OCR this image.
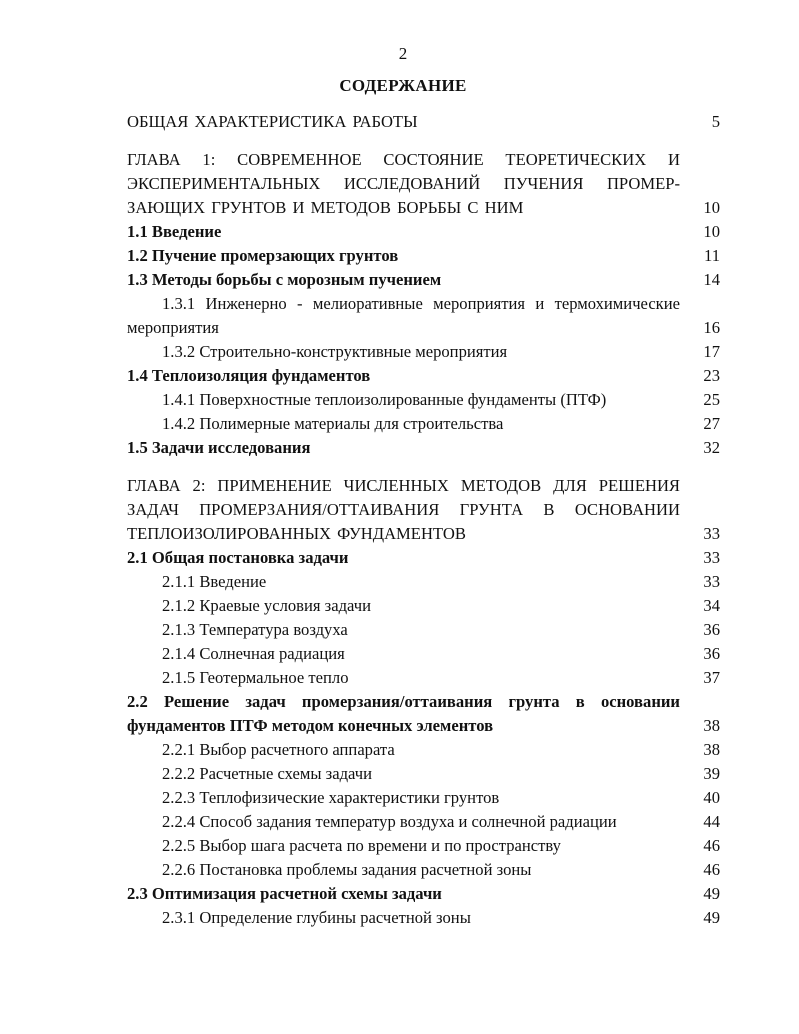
2
СОДЕРЖАНИЕ
ОБЩАЯ ХАРАКТЕРИСТИКА РАБОТЫ	5
ГЛАВА 1: СОВРЕМЕННОЕ СОСТОЯНИЕ ТЕОРЕТИЧЕСКИХ И ЭКСПЕРИМЕНТАЛЬНЫХ ИССЛЕДОВАНИЙ ПУЧЕНИЯ ПРОМЕР-ЗАЮЩИХ ГРУНТОВ И МЕТОДОВ БОРЬБЫ С НИМ	10
1.1 Введение	10
1.2 Пучение промерзающих грунтов	11
1.3 Методы борьбы с морозным пучением	14
1.3.1 Инженерно - мелиоративные мероприятия и термохимические мероприятия	16
1.3.2 Строительно-конструктивные мероприятия	17
1.4 Теплоизоляция фундаментов	23
1.4.1 Поверхностные теплоизолированные фундаменты (ПТФ)	25
1.4.2 Полимерные материалы для строительства	27
1.5 Задачи исследования	32
ГЛАВА 2: ПРИМЕНЕНИЕ ЧИСЛЕННЫХ МЕТОДОВ ДЛЯ РЕШЕНИЯ ЗАДАЧ ПРОМЕРЗАНИЯ/ОТТАИВАНИЯ ГРУНТА В ОСНОВАНИИ ТЕПЛОИЗОЛИРОВАННЫХ ФУНДАМЕНТОВ	33
2.1 Общая постановка задачи	33
2.1.1 Введение	33
2.1.2 Краевые условия задачи	34
2.1.3 Температура воздуха	36
2.1.4 Солнечная радиация	36
2.1.5 Геотермальное тепло	37
2.2 Решение задач промерзания/оттаивания грунта в основании фундаментов ПТФ методом конечных элементов	38
2.2.1 Выбор расчетного аппарата	38
2.2.2 Расчетные схемы задачи	39
2.2.3 Теплофизические характеристики грунтов	40
2.2.4 Способ задания температур воздуха и солнечной радиации	44
2.2.5 Выбор шага расчета по времени и по пространству	46
2.2.6 Постановка проблемы задания расчетной зоны	46
2.3 Оптимизация расчетной схемы задачи	49
2.3.1 Определение глубины расчетной зоны	49
